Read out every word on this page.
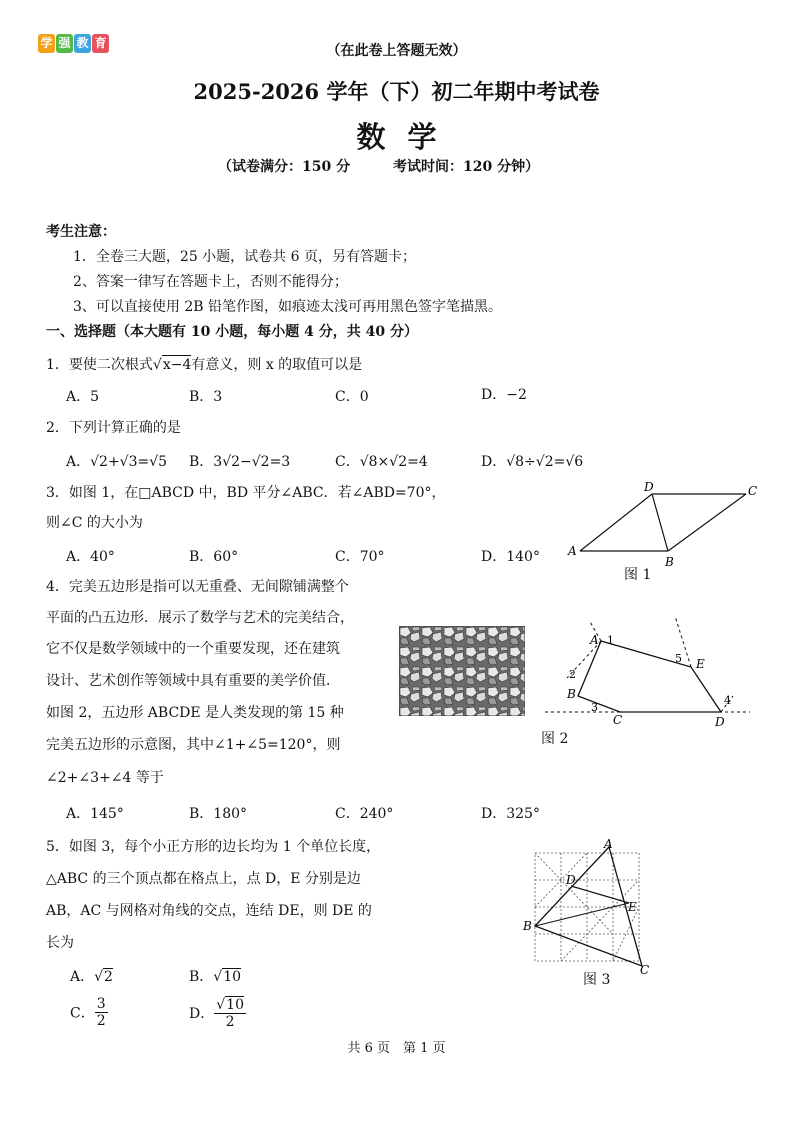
学 强 教 育	（在此卷上答题无效）
2025-2026 学年（下）初二年期中考试卷
数学
（试卷满分：150 分	考试时间：120 分钟）
考生注意：
1．全卷三大题，25 小题，试卷共 6 页，另有答题卡；
2、答案一律写在答题卡上，否则不能得分；
3、可以直接使用 2B 铅笔作图，如痕迹太浅可再用黑色签字笔描黑。
一、选择题（本大题有 10 小题，每小题 4 分，共 40 分）
1．要使二次根式√x−4有意义，则 x 的取值可以是
A．5	B．3	C．0	D．−2
2．下列计算正确的是
A．√2+√3=√5 B．3√2−√2=3	C．√8×√2=4	D．√8÷√2=√6
3．如图 1，在□ABCD 中，BD 平分∠ABC．若∠ABD=70°，
则∠C 的大小为
A．40°	B．60°	C．70°	D．140° A
B
C
D
图 1
4．完美五边形是指可以无重叠、无间隙铺满整个
平面的凸五边形．展示了数学与艺术的完美结合，
它不仅是数学领域中的一个重要发现，还在建筑
设计、艺术创作等领域中具有重要的美学价值．
如图 2，五边形 ABCDE 是人类发现的第 15 种
完美五边形的示意图，其中∠1+∠5=120°，则
∠2+∠3+∠4 等于
A．145°	B．180°	C．240°	D．325°
A
B
C	D
E
1
2
3
4
5
图 2
5．如图 3，每个小正方形的边长均为 1 个单位长度，
△ABC 的三个顶点都在格点上，点 D，E 分别是边
AB，AC 与网格对角线的交点，连结 DE，则 DE 的
长为
A．√2	B．√10
C． $\frac{3}{2}$	D． $\frac{√10}{2}$
A
B
C
D
E
图 3
共 6 页　第 1 页
